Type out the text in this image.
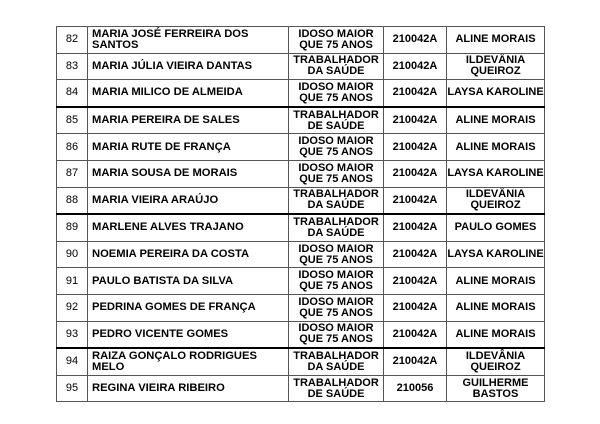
82	MARIA JOSÉ FERREIRA DOS SANTOS	IDOSO MAIOR QUE 75 ANOS	210042A	ALINE MORAIS
83	MARIA JÚLIA VIEIRA DANTAS	TRABALHADOR DA SAÚDE	210042A	ILDEVÂNIA QUEIROZ
84	MARIA MILICO DE ALMEIDA	IDOSO MAIOR QUE 75 ANOS	210042A	LAYSA KAROLINE
85	MARIA PEREIRA DE SALES	TRABALHADOR DE SAÚDE	210042A	ALINE MORAIS
86	MARIA RUTE DE FRANÇA	IDOSO MAIOR QUE 75 ANOS	210042A	ALINE MORAIS
87	MARIA SOUSA DE MORAIS	IDOSO MAIOR QUE 75 ANOS	210042A	LAYSA KAROLINE
88	MARIA VIEIRA ARAÚJO	TRABALHADOR DA SAÚDE	210042A	ILDEVÂNIA QUEIROZ
89	MARLENE ALVES TRAJANO	TRABALHADOR DA SAÚDE	210042A	PAULO GOMES
90	NOEMIA PEREIRA DA COSTA	IDOSO MAIOR QUE 75 ANOS	210042A	LAYSA KAROLINE
91	PAULO BATISTA DA SILVA	IDOSO MAIOR QUE 75 ANOS	210042A	ALINE MORAIS
92	PEDRINA GOMES DE FRANÇA	IDOSO MAIOR QUE 75 ANOS	210042A	ALINE MORAIS
93	PEDRO VICENTE GOMES	IDOSO MAIOR QUE 75 ANOS	210042A	ALINE MORAIS
94	RAIZA GONÇALO RODRIGUES MELO	TRABALHADOR DA SAÚDE	210042A	ILDEVÂNIA QUEIROZ
95	REGINA VIEIRA RIBEIRO	TRABALHADOR DE SAÚDE	210056	GUILHERME BASTOS
